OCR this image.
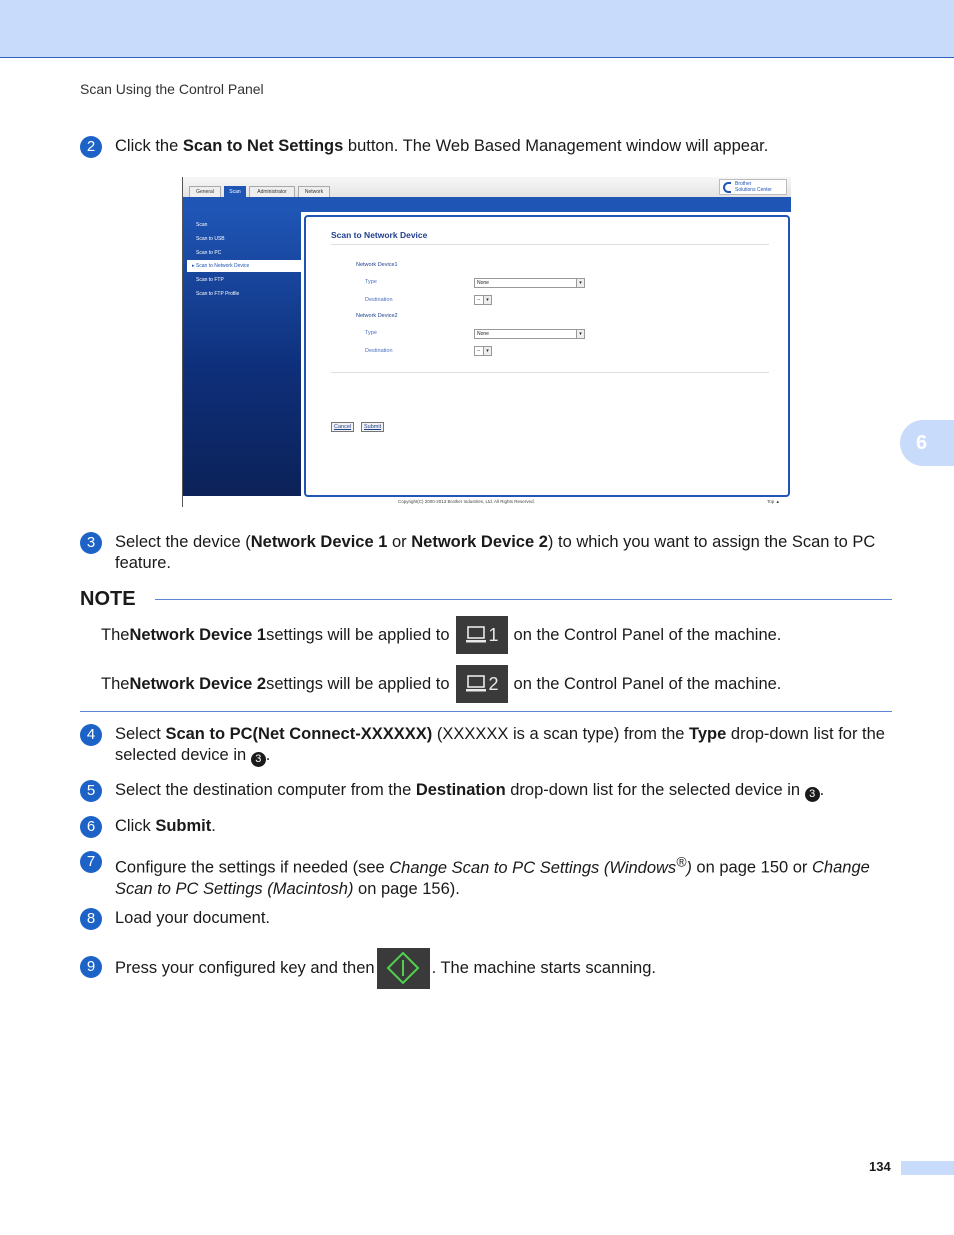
Scan Using the Control Panel
6
2	Click the Scan to Net Settings button. The Web Based Management window will appear.
General	Scan	Administrator	Network
Brother
Solutions Center
Scan
Scan to USB
Scan to PC
▸ Scan to Network Device
Scan to FTP
Scan to FTP Profile
Scan to Network Device
Network Device1
Type	None	▾
Destination	--	▾
Network Device2
Type	None	▾
Destination	--	▾
Cancel	Submit
Copyright(C) 2000-2013 Brother Industries, Ltd. All Rights Reserved.	Top ▲
3	Select the device (Network Device 1 or Network Device 2) to which you want to assign the Scan to PC feature.
NOTE
The Network Device 1 settings will be applied to 1 on the Control Panel of the machine.
The Network Device 2 settings will be applied to 2 on the Control Panel of the machine.
4	Select Scan to PC(Net Connect-XXXXXX) (XXXXXX is a scan type) from the Type drop-down list for the selected device in 3 .
5	Select the destination computer from the Destination drop-down list for the selected device in 3 .
6	Click Submit.
7	Configure the settings if needed (see Change Scan to PC Settings (Windows®) on page 150 or Change Scan to PC Settings (Macintosh) on page 156).
8	Load your document.
9	Press your configured key and then	. The machine starts scanning.
134
